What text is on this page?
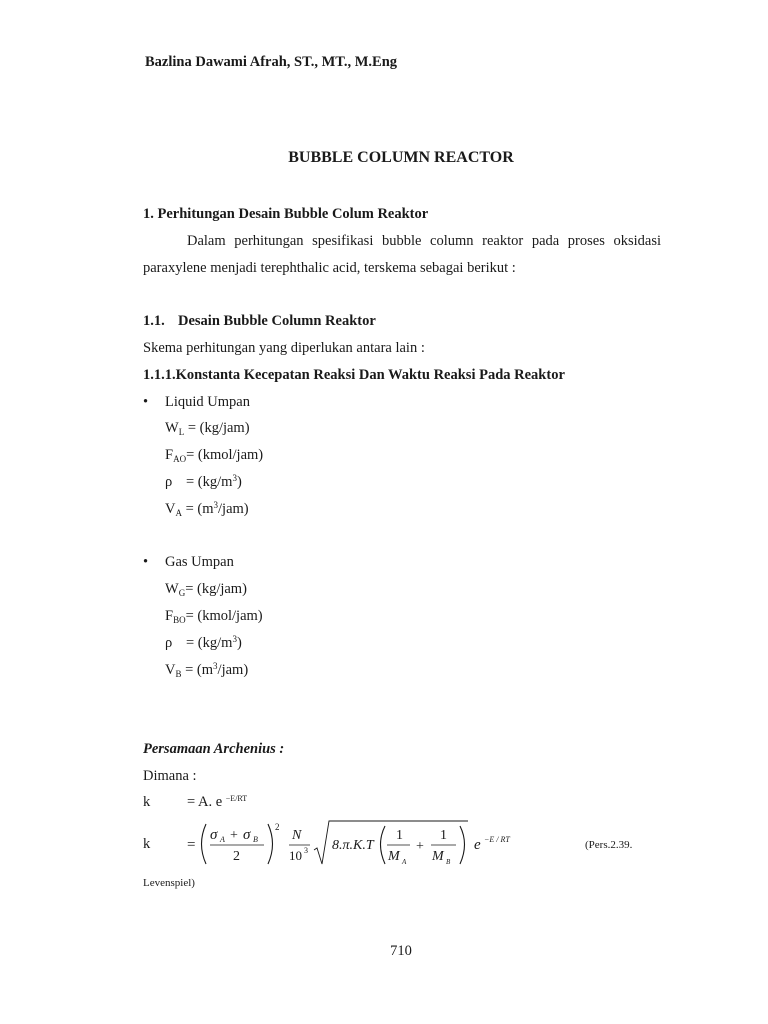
Bazlina Dawami Afrah, ST., MT., M.Eng
BUBBLE COLUMN REACTOR
1. Perhitungan Desain Bubble Colum Reaktor
Dalam perhitungan spesifikasi bubble column reaktor pada proses oksidasi paraxylene menjadi terephthalic acid, terskema sebagai berikut :
1.1. Desain Bubble Column Reaktor
Skema perhitungan yang diperlukan antara lain :
1.1.1.Konstanta Kecepatan Reaksi Dan Waktu Reaksi Pada Reaktor
• Liquid Umpan
$W_L = (kg/jam)$
$F_{AO}=$ (kmol/jam)
$\rho = (kg/m^3)$
$V_A = (m^3/jam)$
• Gas Umpan
$W_G= (kg/jam)$
$F_{BO}=$ (kmol/jam)
$\rho = (kg/m^3)$
$V_B = (m^3/jam)$
Persamaan Archenius :
Dimana :
k	= A. e $^{-E/RT}$
k =
σ A + σ B
2
2
N
10 3 8.π.K.T
1
M A
+
1
M B
e −E / RT	(Pers.2.39.
Levenspiel)
710
